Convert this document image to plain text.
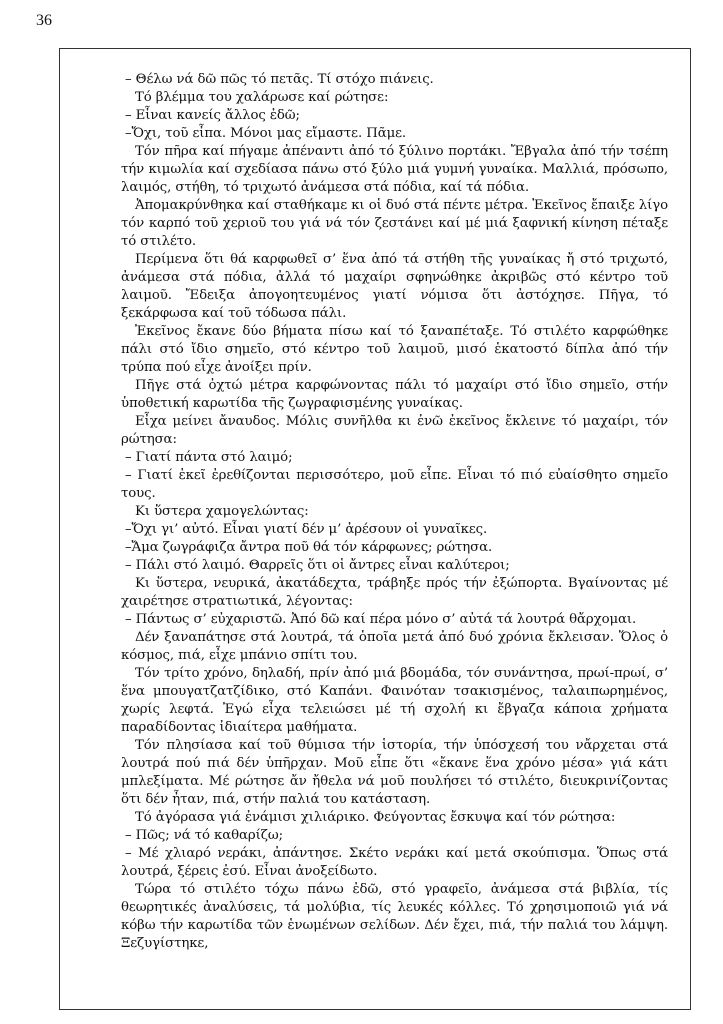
36

– Θέλω νά δῶ πῶς τό πετᾶς. Τί στόχο πιάνεις.

Τό βλέμμα του χαλάρωσε καί ρώτησε:

– Εἶναι κανείς ἄλλος ἐδῶ;

–Ὄχι, τοῦ εἶπα. Μόνοι μας εἴμαστε. Πᾶμε.

Τόν πῆρα καί πήγαμε ἀπέναντι ἀπό τό ξύλινο πορτάκι. Ἔβγαλα ἀπό τήν τσέπη τήν κιμωλία καί σχεδίασα πάνω στό ξύλο μιά γυμνή γυναίκα. Μαλλιά, πρόσωπο, λαιμός, στήθη, τό τριχωτό ἀνάμεσα στά πόδια, καί τά πόδια.

Ἀπομακρύνθηκα καί σταθήκαμε κι οἱ δυό στά πέντε μέτρα. Ἐκεῖνος ἔπαιξε λίγο τόν καρπό τοῦ χεριοῦ του γιά νά τόν ζεστάνει καί μέ μιά ξαφνική κίνηση πέταξε τό στιλέτο.

Περίμενα ὅτι θά καρφωθεῖ σ’ ἕνα ἀπό τά στήθη τῆς γυναίκας ἤ στό τριχωτό, ἀνάμεσα στά πόδια, ἀλλά τό μαχαίρι σφηνώθηκε ἀκριβῶς στό κέντρο τοῦ λαιμοῦ. Ἔδειξα ἀπογοητευμένος γιατί νόμισα ὅτι ἀστόχησε. Πῆγα, τό ξεκάρφωσα καί τοῦ τόδωσα πάλι.

Ἐκεῖνος ἔκανε δύο βήματα πίσω καί τό ξαναπέταξε. Τό στιλέτο καρφώθηκε πάλι στό ἴδιο σημεῖο, στό κέντρο τοῦ λαιμοῦ, μισό ἑκατοστό δίπλα ἀπό τήν τρύπα πού εἶχε ἀνοίξει πρίν.

Πῆγε στά ὀχτώ μέτρα καρφώνοντας πάλι τό μαχαίρι στό ἴδιο σημεῖο, στήν ὑποθετική καρωτίδα τῆς ζωγραφισμένης γυναίκας.

Εἶχα μείνει ἄναυδος. Μόλις συνῆλθα κι ἐνῶ ἐκεῖνος ἔκλεινε τό μαχαίρι, τόν ρώτησα:

– Γιατί πάντα στό λαιμό;

– Γιατί ἐκεῖ ἐρεθίζονται περισσότερο, μοῦ εἶπε. Εἶναι τό πιό εὐαίσθητο σημεῖο τους.

Κι ὕστερα χαμογελώντας:

–Ὄχι γι’ αὐτό. Εἶναι γιατί δέν μ’ ἀρέσουν οἱ γυναῖκες.

–Ἄμα ζωγράφιζα ἄντρα ποῦ θά τόν κάρφωνες; ρώτησα.

– Πάλι στό λαιμό. Θαρρεῖς ὅτι οἱ ἄντρες εἶναι καλύτεροι;

Κι ὕστερα, νευρικά, ἀκατάδεχτα, τράβηξε πρός τήν ἐξώπορτα. Βγαίνοντας μέ χαιρέτησε στρατιωτικά, λέγοντας:

– Πάντως σ’ εὐχαριστῶ. Ἀπό δῶ καί πέρα μόνο σ’ αὐτά τά λουτρά θἄρχομαι.

Δέν ξαναπάτησε στά λουτρά, τά ὁποῖα μετά ἀπό δυό χρόνια ἔκλεισαν. Ὅλος ὁ κόσμος, πιά, εἶχε μπάνιο σπίτι του.

Τόν τρίτο χρόνο, δηλαδή, πρίν ἀπό μιά βδομάδα, τόν συνάντησα, πρωί-πρωί, σ’ ἕνα μπουγατζατζίδικο, στό Καπάνι. Φαινόταν τσακισμένος, ταλαιπωρημένος, χωρίς λεφτά. Ἐγώ εἶχα τελειώσει μέ τή σχολή κι ἔβγαζα κάποια χρήματα παραδίδοντας ἰδιαίτερα μαθήματα.

Τόν πλησίασα καί τοῦ θύμισα τήν ἱστορία, τήν ὑπόσχεσή του νἄρχεται στά λουτρά πού πιά δέν ὑπῆρχαν. Μοῦ εἶπε ὅτι «ἔκανε ἕνα χρόνο μέσα» γιά κάτι μπλεξίματα. Μέ ρώτησε ἄν ἤθελα νά μοῦ πουλήσει τό στιλέτο, διευκρινίζοντας ὅτι δέν ἦταν, πιά, στήν παλιά του κατάσταση.

Τό ἀγόρασα γιά ἐνάμισι χιλιάρικο. Φεύγοντας ἔσκυψα καί τόν ρώτησα:

– Πῶς; νά τό καθαρίζω;

– Μέ χλιαρό νεράκι, ἀπάντησε. Σκέτο νεράκι καί μετά σκούπισμα. Ὅπως στά λουτρά, ξέρεις ἐσύ. Εἶναι ἀνοξείδωτο.

Τώρα τό στιλέτο τόχω πάνω ἐδῶ, στό γραφεῖο, ἀνάμεσα στά βιβλία, τίς θεωρητικές ἀναλύσεις, τά μολύβια, τίς λευκές κόλλες. Τό χρησιμοποιῶ γιά νά κόβω τήν καρωτίδα τῶν ἑνωμένων σελίδων. Δέν ἔχει, πιά, τήν παλιά του λάμψη. Ξεζυγίστηκε,
